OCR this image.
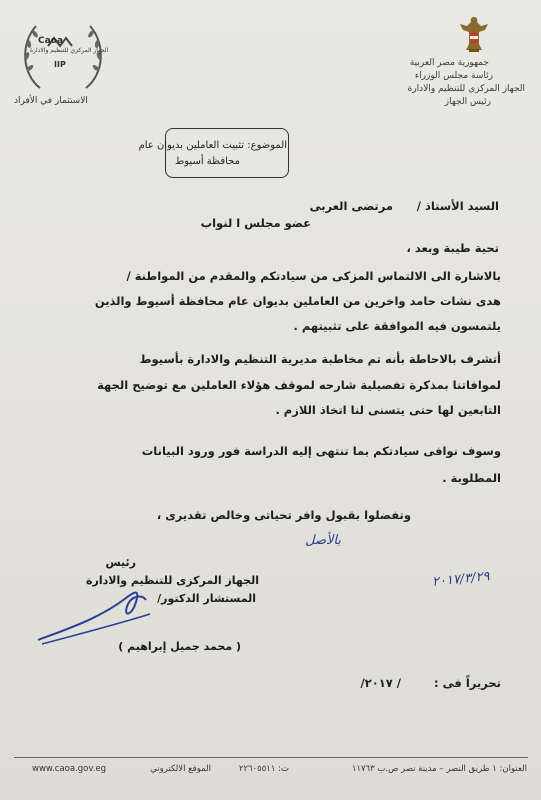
جمهورية مصر العربية
رئاسة مجلس الوزراء
الجهاز المركزي للتنظيم والادارة
رئيس الجهاز
Caoa
الجهاز المركزي للتنظيم والادارة
IIP
الاستثمار في الأفراد
الموضوع: تثبيت العاملين بديوان عام
محافظة أسيوط
السيد الأستاذ /
مرتضى العربى
عضو مجلس ا لنواب
تحية طيبة وبعد ،
بالاشارة الى الالتماس المزكى من سيادتكم والمقدم من المواطنة /
هدى نشات حامد واخرين من العاملين بديوان عام محافظة أسيوط والذين
يلتمسون فيه الموافقة على تثبيتهم .
أتشرف بالاحاطة بأنه تم مخاطبة مديرية التنظيم والادارة بأسيوط
لموافاتنا بمذكرة تفصيلية شارحه لموقف هؤلاء العاملين مع توضيح الجهة
التابعين لها حتى يتسنى لنا اتخاذ اللازم .
وسوف نوافى سيادتكم بما تنتهى إليه الدراسة فور ورود البيانات
المطلوبة .
وتفضلوا بقبول وافر تحياتى وخالص تقديرى ،
بالأصل
رئيس
الجهاز المركزى للتنظيم والادارة
المستشار الدكتور/
( محمد جميل إبراهيم )
٢٠١٧/٣/٢٩
تحريراً فى :
/ ٢٠١٧/
العنوان: ١ طريق النصر – مدينة نصر ص.ب ١١٧٦٣
ت: ٢٢٦٠٥٥١١
الموقع الالكتروني
www.caoa.gov.eg
